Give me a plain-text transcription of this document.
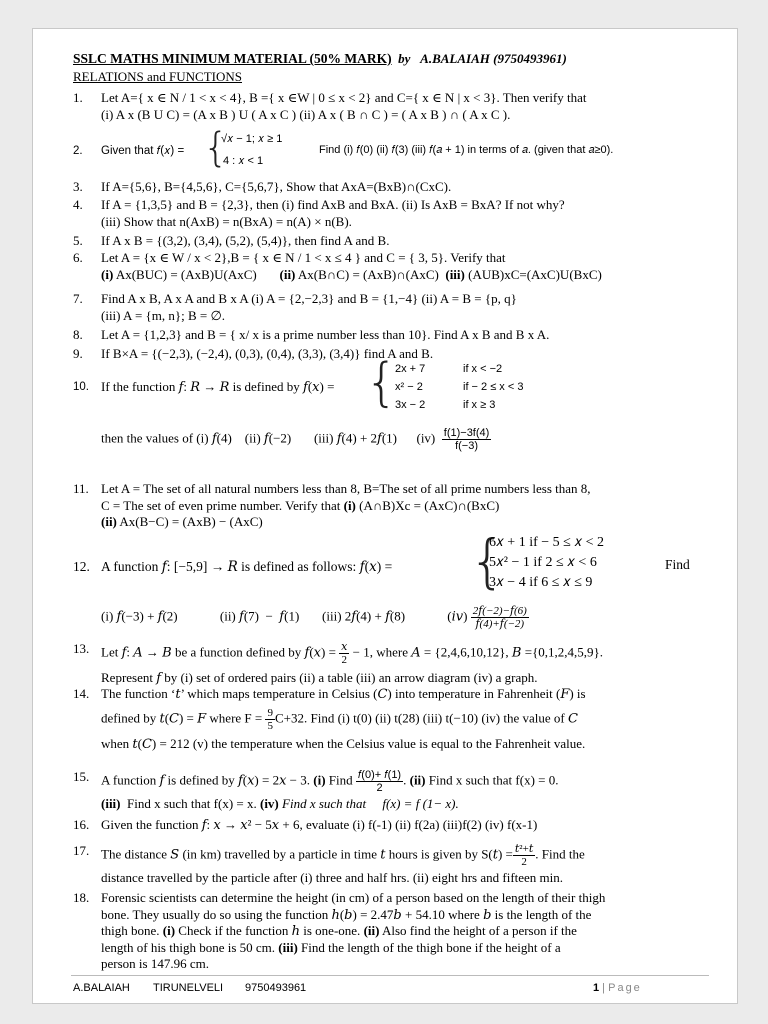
SSLC MATHS MINIMUM MATERIAL (50% MARK) by A.BALAIAH (9750493961)
RELATIONS and FUNCTIONS
1.	Let A={ x ∈ N / 1 < x < 4}, B ={ x ∈W | 0 ≤ x < 2} and C={ x ∈ N | x < 3}. Then verify that
(i) A x (B U C) = (A x B ) U ( A x C ) (ii) A x ( B ∩ C ) = ( A x B ) ∩ ( A x C ).
2.	Given that 𝑓(𝑥) = {
√𝑥 − 1; 𝑥 ≥ 1
4 : 𝑥 < 1
Find (i) 𝑓(0) (ii) 𝑓(3) (iii) 𝑓(𝑎 + 1) in terms of 𝑎. (given that 𝑎≥0).
3.	If A={5,6}, B={4,5,6}, C={5,6,7}, Show that AxA=(BxB)∩(CxC).
4.	If A = {1,3,5} and B = {2,3}, then (i) find AxB and BxA. (ii) Is AxB = BxA? If not why?
(iii) Show that n(AxB) = n(BxA) = n(A) × n(B).
5.	If A x B = {(3,2), (3,4), (5,2), (5,4)}, then find A and B.
6.	Let A = {x ∈ W / x < 2},B = { x ∈ N / 1 < x ≤ 4 } and C = { 3, 5}. Verify that
(i) Ax(BUC) = (AxB)U(AxC)       (ii) Ax(B∩C) = (AxB)∩(AxC)  (iii) (AUB)xC=(AxC)U(BxC)
7.	Find A x B, A x A and B x A (i) A = {2,−2,3} and B = {1,−4} (ii) A = B = {p, q}
(iii) A = {m, n}; B = ∅.
8.	Let A = {1,2,3} and B = { x/ x is a prime number less than 10}. Find A x B and B x A.
9.	If B×A = {(−2,3), (−2,4), (0,3), (0,4), (3,3), (3,4)} find A and B.
10. If the function 𝑓: 𝑅 → 𝑅 is defined by 𝑓(𝑥) = {
2x + 7	if x < −2
x² − 2	if − 2 ≤ x < 3
3x − 2	if x ≥ 3
then the values of (i) 𝑓(4)    (ii) 𝑓(−2)       (iii) 𝑓(4) + 2𝑓(1)      $(iv) \frac{f(1)-3f(4)}{f(-3)}$
11. Let A = The set of all natural numbers less than 8, B=The set of all prime numbers less than 8,
C = The set of even prime number. Verify that (i) (A∩B)Xc = (AxC)∩(BxC)
(ii) Ax(B−C) = (AxB) − (AxC)
12. A function 𝑓: [−5,9] → 𝑅 is defined as follows: 𝑓(𝑥) =	{
6𝑥 + 1 if − 5 ≤ 𝑥 < 2
5𝑥² − 1 if 2 ≤ 𝑥 < 6
3𝑥 − 4 if 6 ≤ 𝑥 ≤ 9
Find
(i) 𝑓(−3) + 𝑓(2)             (ii) 𝑓(7)  −  𝑓(1)       (iii) 2𝑓(4) + 𝑓(8)             (𝑖𝑣) $\frac{\text{2𝑓(−2)−𝑓(6)}}{\text{𝑓(4)+𝑓(−2)}}$
13. Let 𝑓: 𝐴 → 𝐵 be a function defined by 𝑓(𝑥) = $\frac{\text{𝑥}}{2} - 1$, where 𝐴 = {2,4,6,10,12}, 𝐵 ={0,1,2,4,5,9}.
Represent 𝑓 by (i) set of ordered pairs (ii) a table (iii) an arrow diagram (iv) a graph.
14. The function ‘𝑡’ which maps temperature in Celsius (𝐶) into temperature in Fahrenheit (𝐹) is
defined by 𝑡(𝐶) = 𝐹 where $F = \frac{9}{5} C+32$. Find (i) t(0) (ii) t(28) (iii) t(−10) (iv) the value of 𝐶
when 𝑡(𝐶) = 212 (v) the temperature when the Celsius value is equal to the Fahrenheit value.
15. A function 𝑓 is defined by 𝑓(𝑥) = 2𝑥 − 3. (i) Find $\frac{\text{𝑓(0)+ 𝑓(1)}}{2}$ . (ii) Find x such that f(x) = 0.
(iii)  Find x such that f(x) = x. (iv) Find x such that     f(x) = f (1− x).
16. Given the function 𝑓: 𝑥 → 𝑥² − 5𝑥 + 6, evaluate (i) f(-1) (ii) f(2a) (iii)f(2) (iv) f(x-1)
17. The distance 𝑆 (in km) travelled by a particle in time 𝑡 hours is given by S(𝑡) = $\frac{\text{𝑡²+𝑡}}{2}$ . Find the
distance travelled by the particle after (i) three and half hrs. (ii) eight hrs and fifteen min.
18. Forensic scientists can determine the height (in cm) of a person based on the length of their thigh
bone. They usually do so using the function ℎ(𝑏) = 2.47𝑏 + 54.10 where 𝑏 is the length of the
thigh bone. (i) Check if the function ℎ is one-one. (ii) Also find the height of a person if the
length of his thigh bone is 50 cm. (iii) Find the length of the thigh bone if the height of a
person is 147.96 cm.
A.BALAIAH TIRUNELVELI 9750493961	1 | Page
